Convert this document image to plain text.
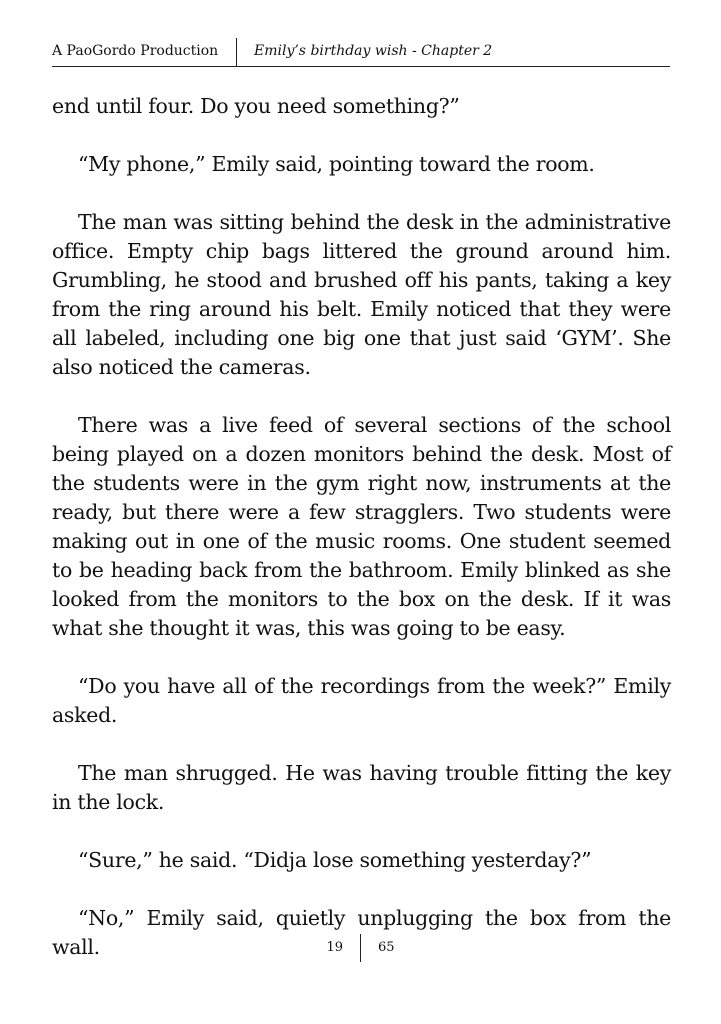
A PaoGordo Production	Emily’s birthday wish - Chapter 2

end until four. Do you need something?”

“My phone,” Emily said, pointing toward the room.

The man was sitting behind the desk in the administrative office. Empty chip bags littered the ground around him. Grumbling, he stood and brushed off his pants, taking a key from the ring around his belt. Emily noticed that they were all labeled, including one big one that just said ‘GYM’. She also noticed the cameras.

There was a live feed of several sections of the school being played on a dozen monitors behind the desk. Most of the students were in the gym right now, instruments at the ready, but there were a few stragglers. Two students were making out in one of the music rooms. One student seemed to be heading back from the bathroom. Emily blinked as she looked from the monitors to the box on the desk. If it was what she thought it was, this was going to be easy.

“Do you have all of the recordings from the week?” Emily asked.

The man shrugged. He was having trouble fitting the key in the lock.

“Sure,” he said. “Didja lose something yesterday?”

“No,” Emily said, quietly unplugging the box from the wall.	19	65
